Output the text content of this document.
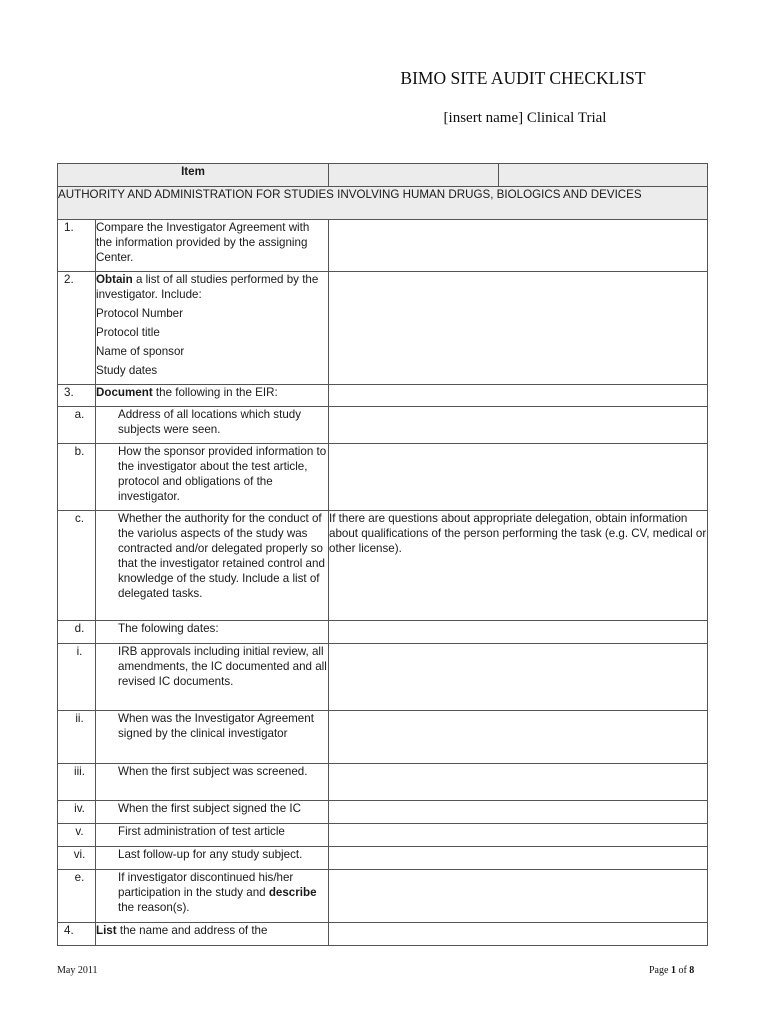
BIMO SITE AUDIT CHECKLIST
[insert name] Clinical Trial
Item			
AUTHORITY AND ADMINISTRATION FOR STUDIES INVOLVING HUMAN DRUGS, BIOLOGICS AND DEVICES			
1.	Compare the Investigator Agreement with the information provided by the assigning Center.		
2.	Obtain a list of all studies performed by the investigator. Include:
Protocol Number
Protocol title
Name of sponsor
Study dates		

3.	Document the following in the EIR:		
a.	Address of all locations which study subjects were seen.		
b.	How the sponsor provided information to the investigator about the test article, protocol and obligations of the investigator.		
c.	Whether the authority for the conduct of the variolus aspects of the study was contracted and/or delegated properly so that the investigator retained control and knowledge of the study. Include a list of delegated tasks.	If there are questions about appropriate delegation, obtain information about qualifications of the person performing the task (e.g. CV, medical or other license).	
d.	The folowing dates:		
i.	IRB approvals including initial review, all amendments, the IC documented and all revised IC documents.		
ii.	When was the Investigator Agreement signed by the clinical investigator		
iii.	When the first subject was screened.		
iv.	When the first subject signed the IC		
v.	First administration of test article		
vi.	Last follow-up for any study subject.		
e.	If investigator discontinued his/her participation in the study and describe the reason(s).		
4.	List the name and address of the		
May 2011	Page 1 of 8
